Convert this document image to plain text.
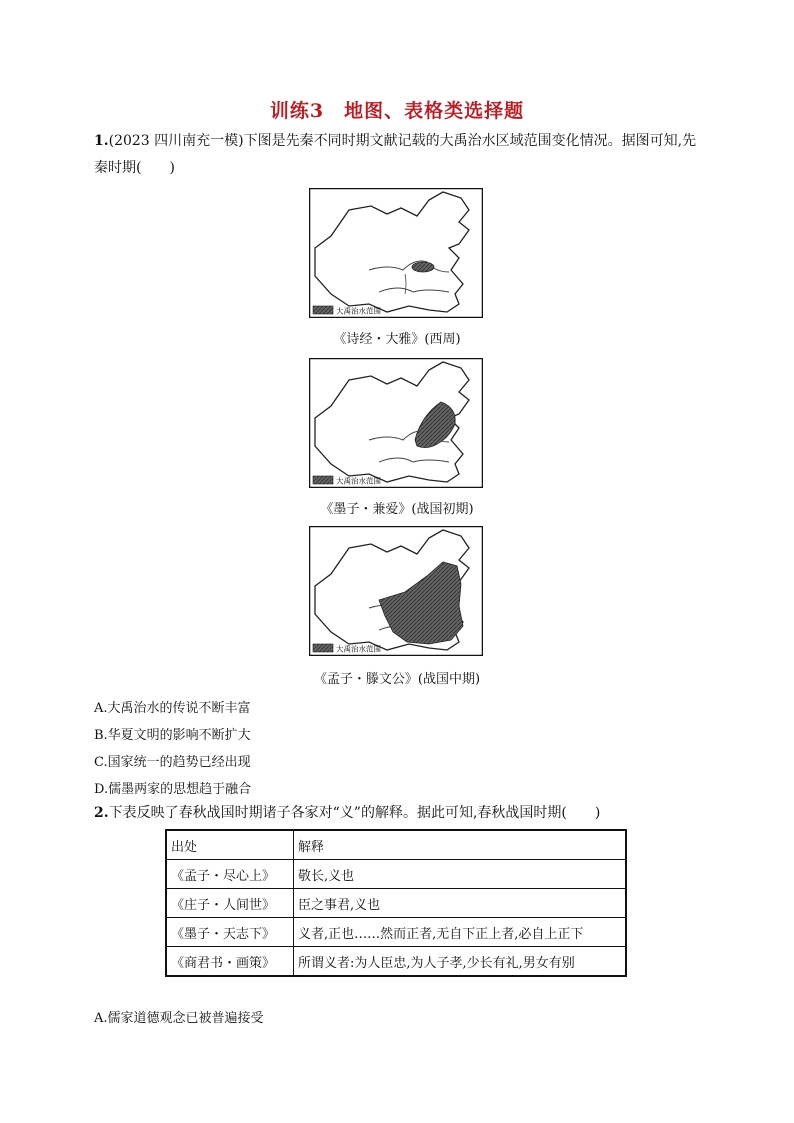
训练3　地图、表格类选择题
1.(2023 四川南充一模)下图是先秦不同时期文献记载的大禹治水区域范围变化情况。据图可知,先
秦时期(　　)
大禹治水范围
《诗经・大雅》(西周)
大禹治水范围
《墨子・兼爱》(战国初期)
大禹治水范围
《孟子・滕文公》(战国中期)
A.大禹治水的传说不断丰富
B.华夏文明的影响不断扩大
C.国家统一的趋势已经出现
D.儒墨两家的思想趋于融合
2.下表反映了春秋战国时期诸子各家对“义”的解释。据此可知,春秋战国时期(　　)
出处	解释
《孟子・尽心上》	敬长,义也
《庄子・人间世》	臣之事君,义也
《墨子・天志下》	义者,正也……然而正者,无自下正上者,必自上正下
《商君书・画策》	所谓义者:为人臣忠,为人子孝,少长有礼,男女有别
A.儒家道德观念已被普遍接受
